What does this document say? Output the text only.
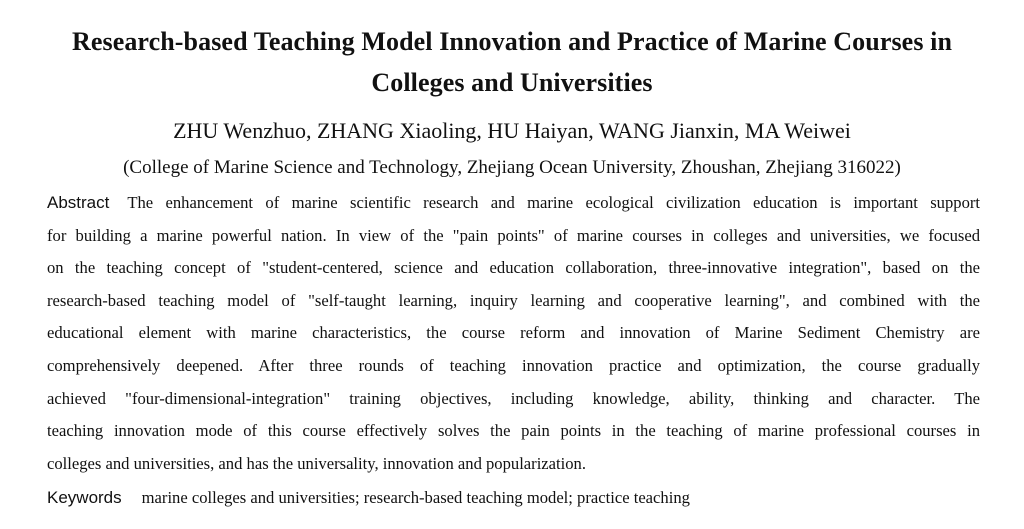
Research-based Teaching Model Innovation and Practice of Marine Courses in
Colleges and Universities
ZHU Wenzhuo, ZHANG Xiaoling, HU Haiyan, WANG Jianxin, MA Weiwei
(College of Marine Science and Technology, Zhejiang Ocean University, Zhoushan, Zhejiang 316022)
Abstract The enhancement of marine scientific research and marine ecological civilization education is important support
for building a marine powerful nation. In view of the "pain points" of marine courses in colleges and universities, we focused
on the teaching concept of "student-centered, science and education collaboration, three-innovative integration", based on the
research-based teaching model of "self-taught learning, inquiry learning and cooperative learning", and combined with the
educational element with marine characteristics, the course reform and innovation of Marine Sediment Chemistry are
comprehensively deepened. After three rounds of teaching innovation practice and optimization, the course gradually
achieved "four-dimensional-integration" training objectives, including knowledge, ability, thinking and character. The
teaching innovation mode of this course effectively solves the pain points in the teaching of marine professional courses in
colleges and universities, and has the universality, innovation and popularization.
Keywords marine colleges and universities; research-based teaching model; practice teaching
